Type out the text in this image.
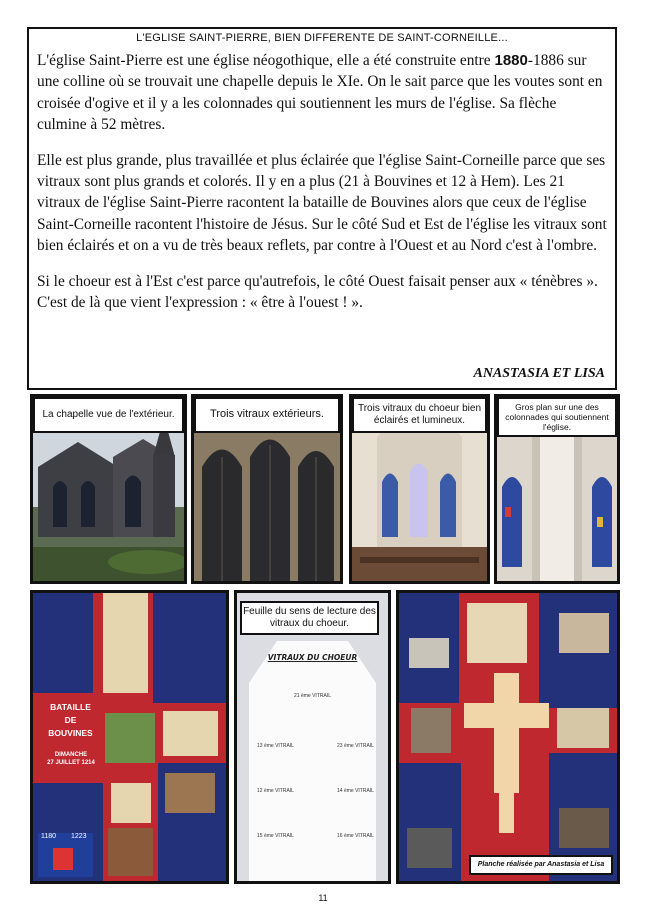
L'EGLISE SAINT-PIERRE, BIEN DIFFERENTE DE SAINT-CORNEILLE...

L'église Saint-Pierre est une église néogothique, elle a été construite entre 1880-1886 sur une colline où se trouvait une chapelle depuis le XIe. On le sait parce que les voutes sont en croisée d'ogive et il y a les colonnades qui soutiennent les murs de l'église. Sa flèche culmine à 52 mètres.

Elle est plus grande, plus travaillée et plus éclairée que l'église Saint-Corneille parce que ses vitraux sont plus grands et colorés. Il y en a plus (21 à Bouvines et 12 à Hem). Les 21 vitraux de l'église Saint-Pierre racontent la bataille de Bouvines alors que ceux de l'église Saint-Corneille racontent l'histoire de Jésus. Sur le côté Sud et Est de l'église les vitraux sont bien éclairés et on a vu de très beaux reflets, par contre à l'Ouest et au Nord c'est à l'ombre.

Si le choeur est à l'Est c'est parce qu'autrefois, le côté Ouest faisait penser aux « ténèbres ». C'est de là que vient l'expression : « être à l'ouest ! ».

ANASTASIA ET LISA
La chapelle vue de l'extérieur.	Trois vitraux extérieurs.	Trois vitraux du choeur bien éclairés et lumineux.
Gros plan sur une des colonnades qui soutiennent l'église.
BATAILLE
DE
BOUVINES
DIMANCHE
27 JUILLET 1214
1180 1223
VITRAUX DU CHOEUR
21 ème VITRAIL
13 ème VITRAIL	23 ème VITRAIL
12 ème VITRAIL	14 ème VITRAIL
15 ème VITRAIL	16 ème VITRAIL
Feuille du sens de lecture des vitraux du choeur.
Planche réalisée par Anastasia et Lisa
11
